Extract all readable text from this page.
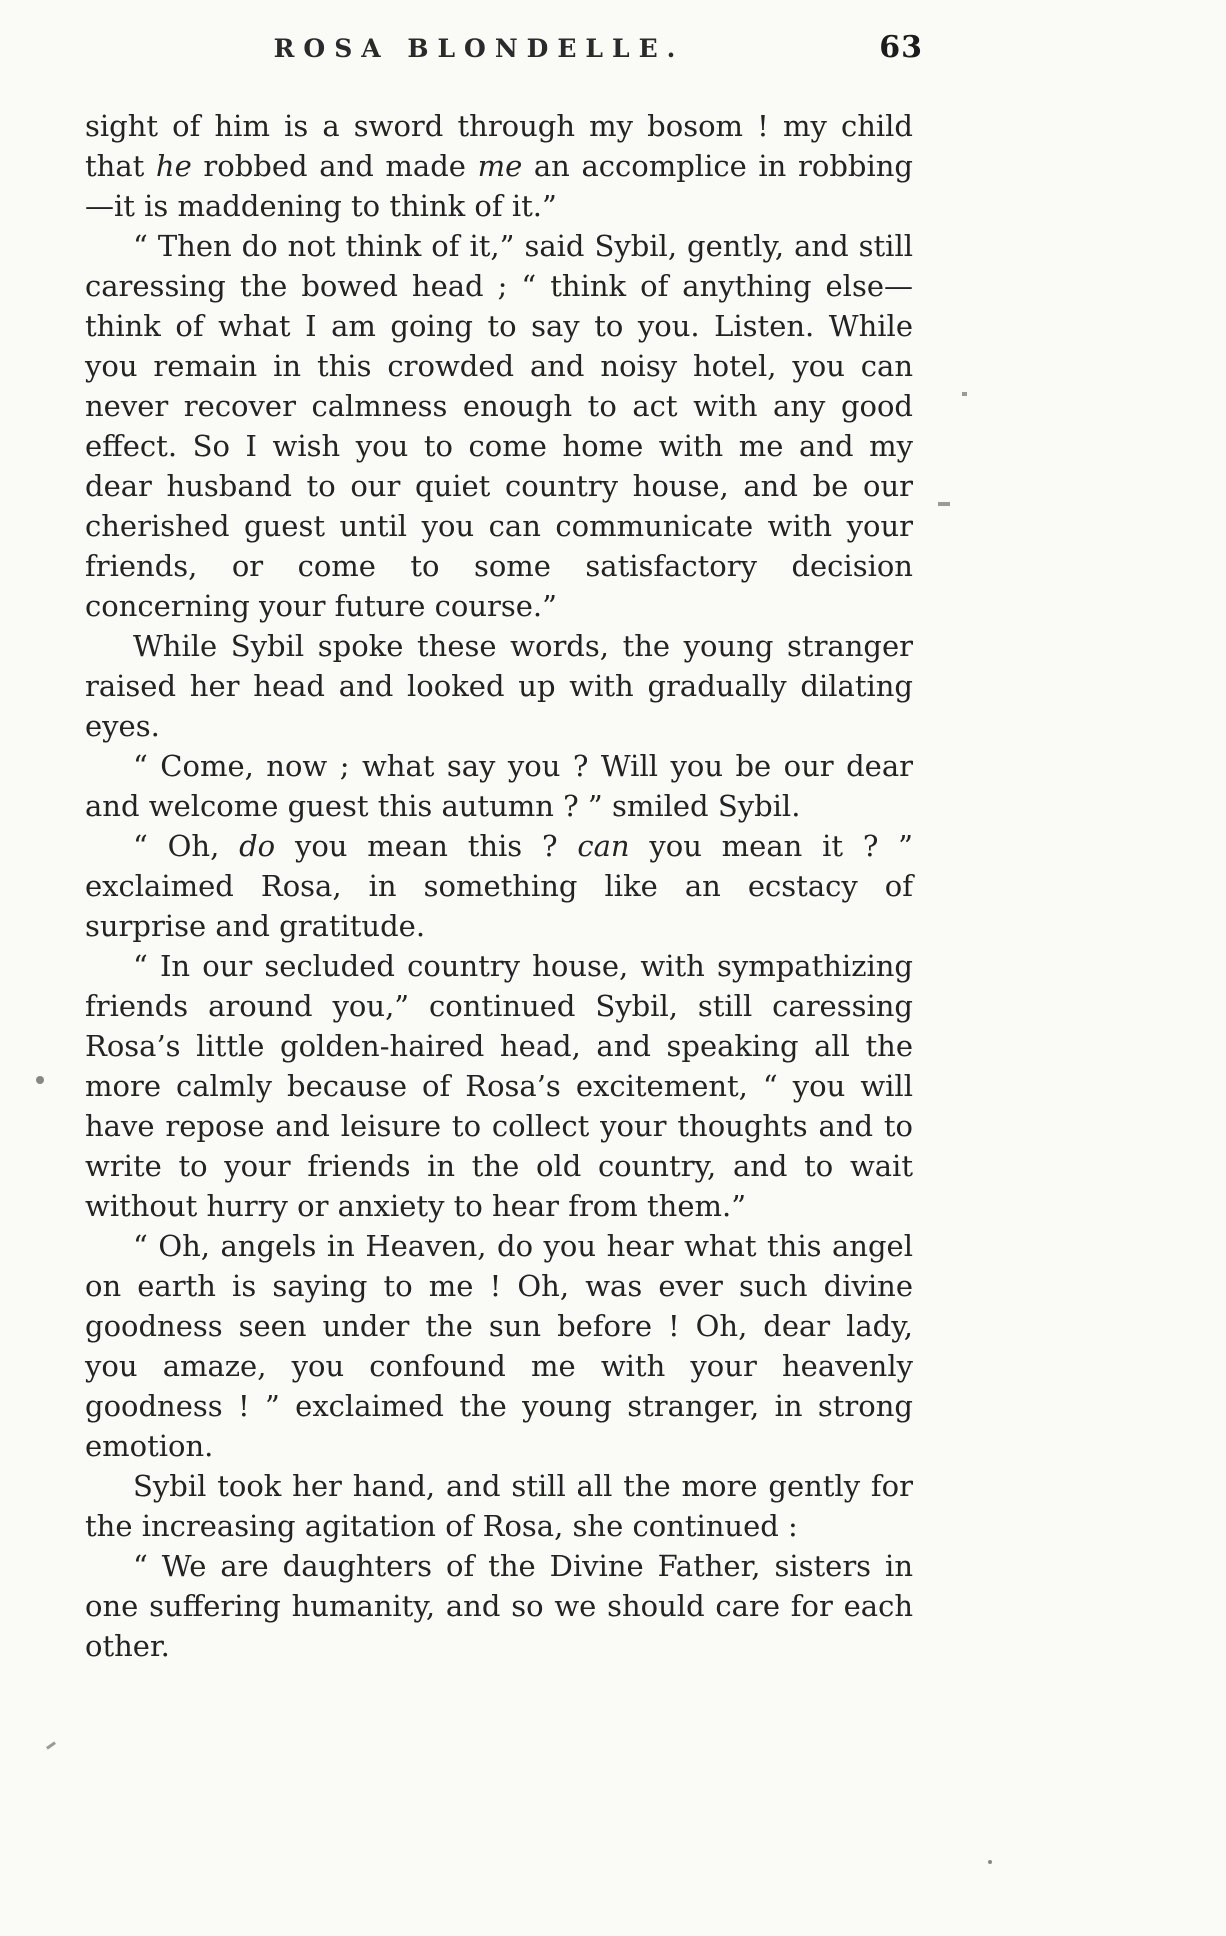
ROSA BLONDELLE.	63

sight of him is a sword through my bosom ! my child that he robbed and made me an accomplice in robbing—it is maddening to think of it.”

“ Then do not think of it,” said Sybil, gently, and still caressing the bowed head ; “ think of anything else—think of what I am going to say to you. Listen. While you remain in this crowded and noisy hotel, you can never recover calmness enough to act with any good effect. So I wish you to come home with me and my dear husband to our quiet country house, and be our cherished guest until you can communicate with your friends, or come to some satisfactory decision concerning your future course.”

While Sybil spoke these words, the young stranger raised her head and looked up with gradually dilating eyes.

“ Come, now ; what say you ? Will you be our dear and welcome guest this autumn ? ” smiled Sybil.

“ Oh, do you mean this ? can you mean it ? ” exclaimed Rosa, in something like an ecstacy of surprise and gratitude.

“ In our secluded country house, with sympathizing friends around you,” continued Sybil, still caressing Rosa’s little golden-haired head, and speaking all the more calmly because of Rosa’s excitement, “ you will have repose and leisure to collect your thoughts and to write to your friends in the old country, and to wait without hurry or anxiety to hear from them.”

“ Oh, angels in Heaven, do you hear what this angel on earth is saying to me ! Oh, was ever such divine goodness seen under the sun before ! Oh, dear lady, you amaze, you confound me with your heavenly goodness ! ” exclaimed the young stranger, in strong emotion.

Sybil took her hand, and still all the more gently for the increasing agitation of Rosa, she continued :

“ We are daughters of the Divine Father, sisters in one suffering humanity, and so we should care for each other.
